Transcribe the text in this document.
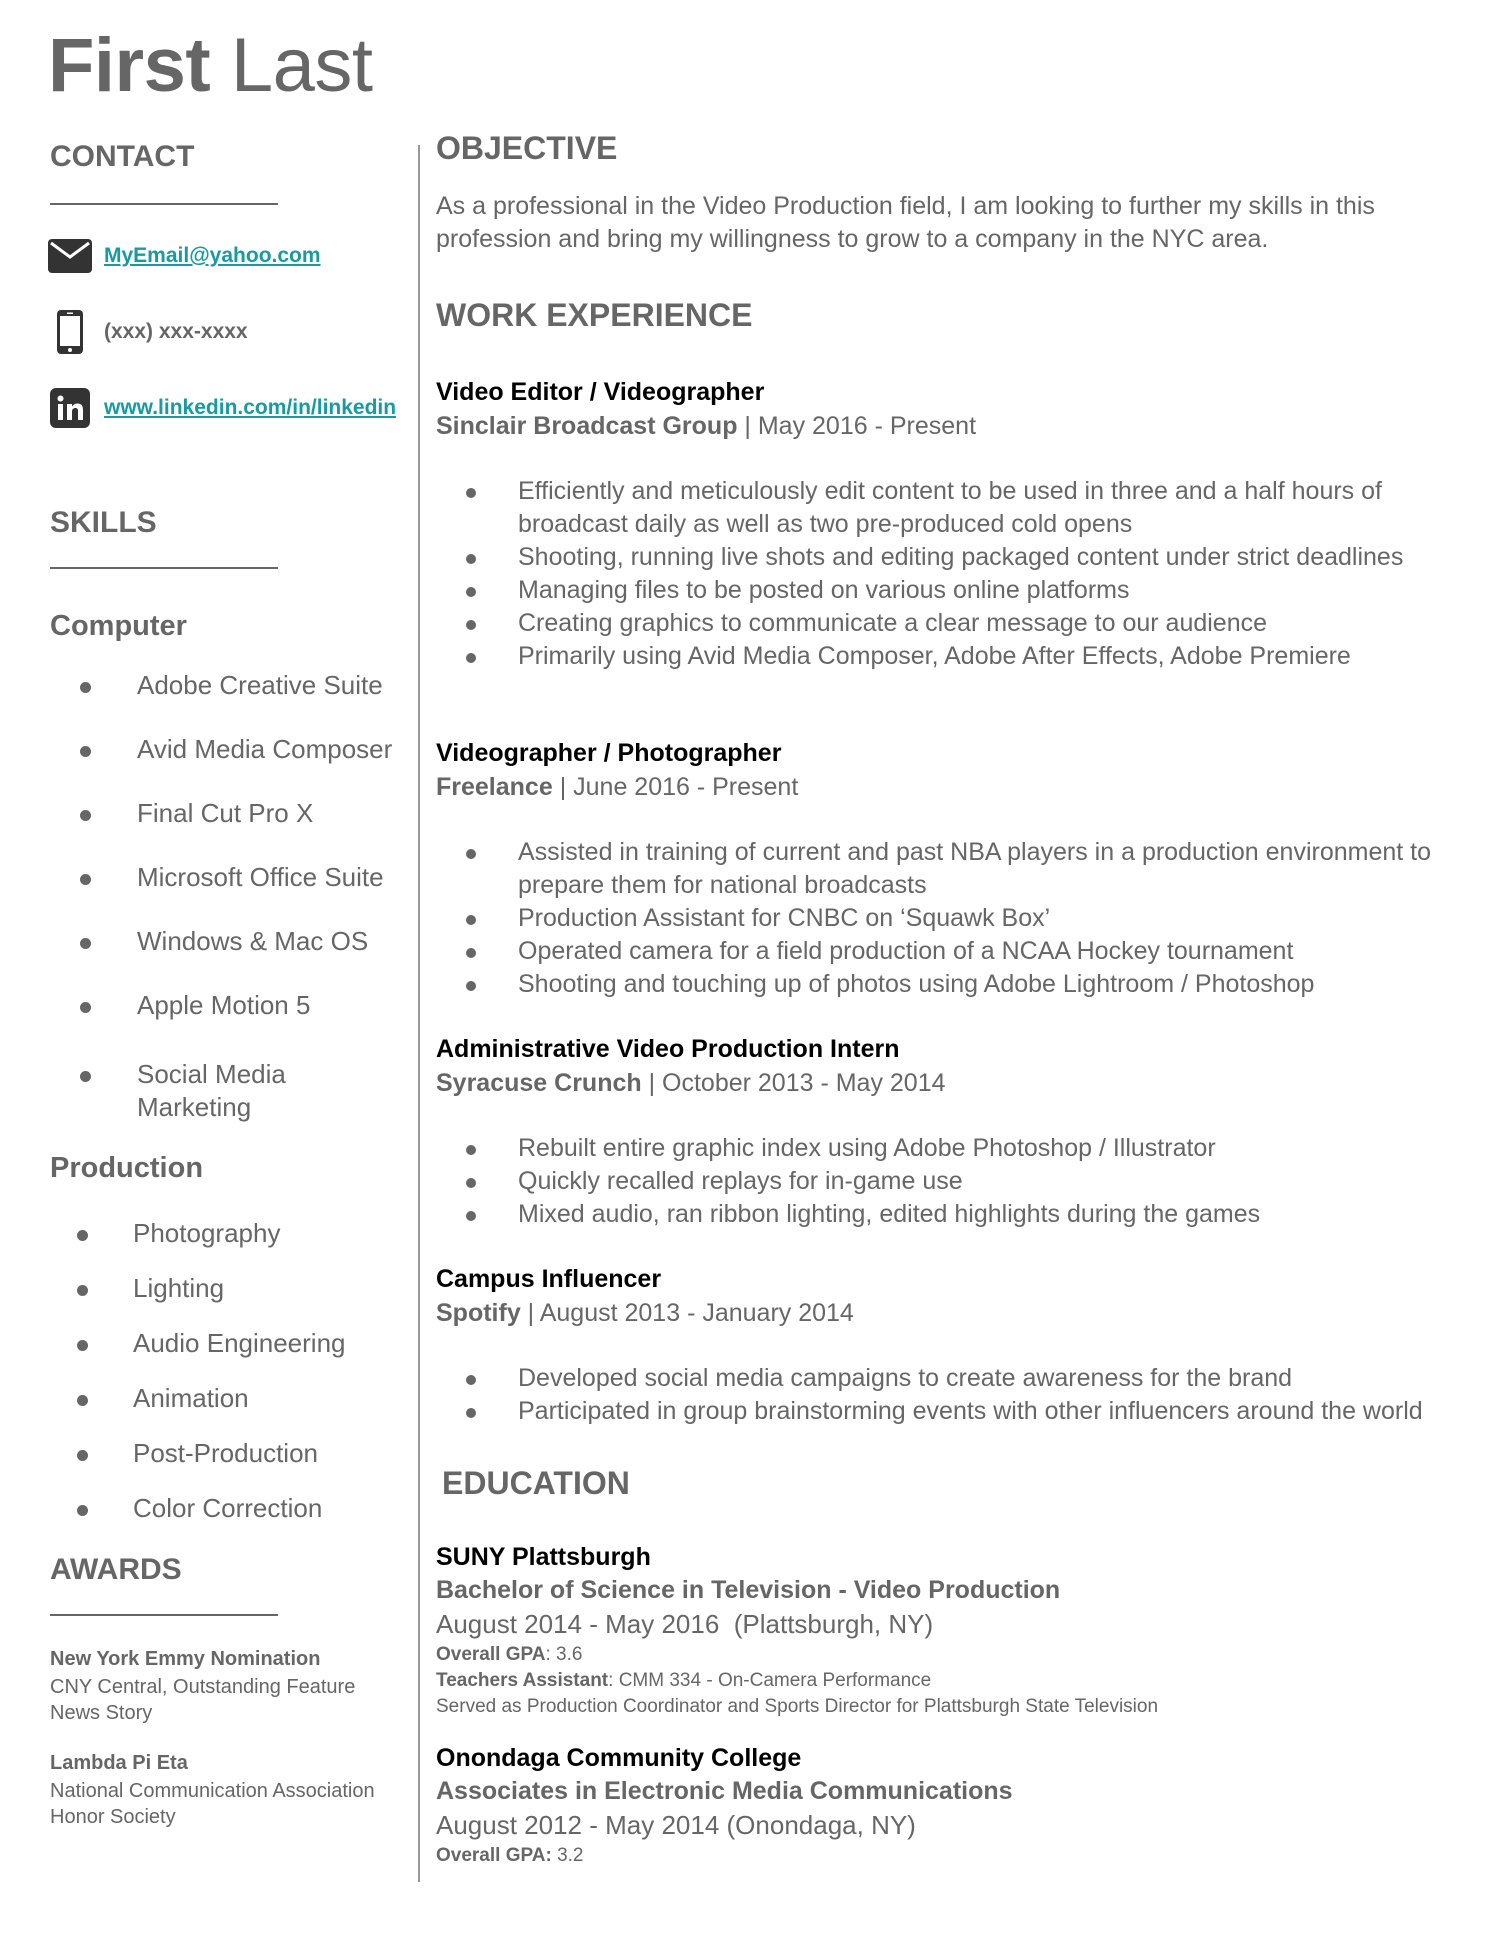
First Last
CONTACT
MyEmail@yahoo.com
(xxx) xxx-xxxx
www.linkedin.com/in/linkedin
SKILLS
Computer
Adobe Creative Suite
Avid Media Composer
Final Cut Pro X
Microsoft Office Suite
Windows & Mac OS
Apple Motion 5
Social Media Marketing
Production
Photography
Lighting
Audio Engineering
Animation
Post-Production
Color Correction
AWARDS
New York Emmy Nomination
CNY Central, Outstanding Feature News Story
Lambda Pi Eta
National Communication Association Honor Society
OBJECTIVE
As a professional in the Video Production field, I am looking to further my skills in this profession and bring my willingness to grow to a company in the NYC area.
WORK EXPERIENCE
Video Editor / Videographer
Sinclair Broadcast Group | May 2016 - Present
Efficiently and meticulously edit content to be used in three and a half hours of broadcast daily as well as two pre-produced cold opens
Shooting, running live shots and editing packaged content under strict deadlines
Managing files to be posted on various online platforms
Creating graphics to communicate a clear message to our audience
Primarily using Avid Media Composer, Adobe After Effects, Adobe Premiere
Videographer / Photographer
Freelance | June 2016 - Present
Assisted in training of current and past NBA players in a production environment to prepare them for national broadcasts
Production Assistant for CNBC on ‘Squawk Box’
Operated camera for a field production of a NCAA Hockey tournament
Shooting and touching up of photos using Adobe Lightroom / Photoshop
Administrative Video Production Intern
Syracuse Crunch | October 2013 - May 2014
Rebuilt entire graphic index using Adobe Photoshop / Illustrator
Quickly recalled replays for in-game use
Mixed audio, ran ribbon lighting, edited highlights during the games
Campus Influencer
Spotify | August 2013 - January 2014
Developed social media campaigns to create awareness for the brand
Participated in group brainstorming events with other influencers around the world
EDUCATION
SUNY Plattsburgh
Bachelor of Science in Television - Video Production
August 2014 - May 2016  (Plattsburgh, NY)
Overall GPA: 3.6
Teachers Assistant: CMM 334 - On-Camera Performance
Served as Production Coordinator and Sports Director for Plattsburgh State Television
Onondaga Community College
Associates in Electronic Media Communications
August 2012 - May 2014 (Onondaga, NY)
Overall GPA: 3.2
